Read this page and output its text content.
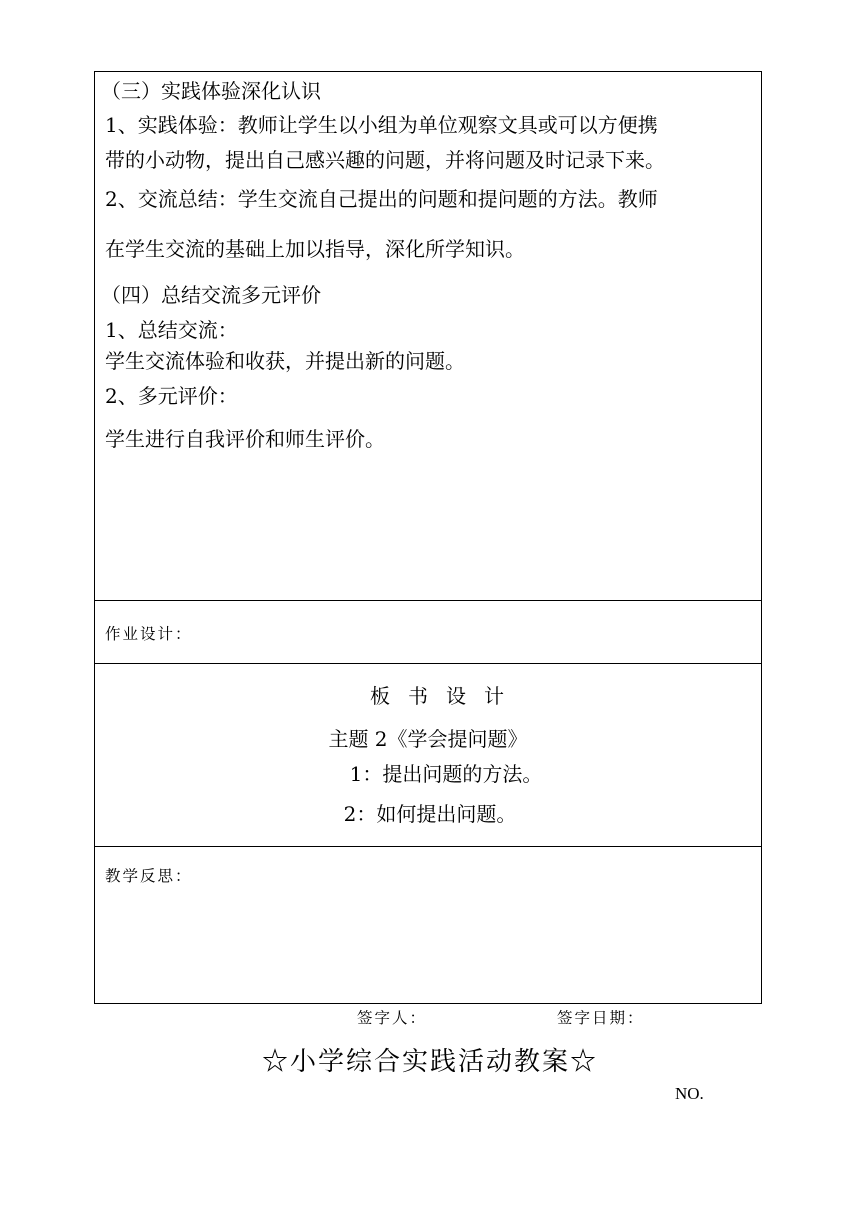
（三）实践体验深化认识
1、实践体验：教师让学生以小组为单位观察文具或可以方便携
带的小动物，提出自己感兴趣的问题，并将问题及时记录下来。
2、交流总结：学生交流自己提出的问题和提问题的方法。教师
在学生交流的基础上加以指导，深化所学知识。
（四）总结交流多元评价
1、总结交流：
学生交流体验和收获，并提出新的问题。
2、多元评价：
学生进行自我评价和师生评价。
作业设计：
板书设计
主题 2《学会提问题》
1：提出问题的方法。
2：如何提出问题。
教学反思：
签字人：	签字日期：
☆小学综合实践活动教案☆
NO.
